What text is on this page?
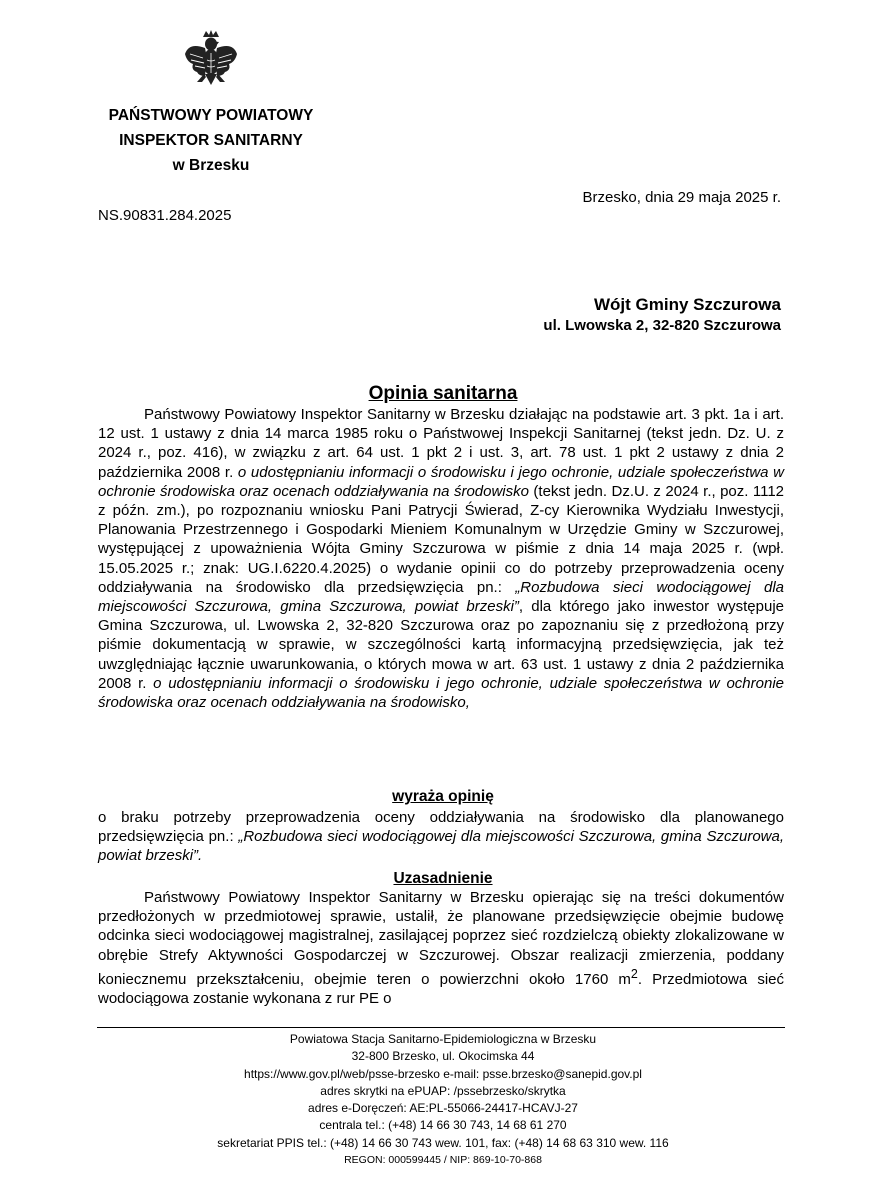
PAŃSTWOWY POWIATOWY
INSPEKTOR SANITARNY
w Brzesku
Brzesko, dnia 29 maja 2025 r.
NS.90831.284.2025
Wójt Gminy Szczurowa
ul. Lwowska 2, 32-820 Szczurowa
Opinia sanitarna

Państwowy Powiatowy Inspektor Sanitarny w Brzesku działając na podstawie art. 3 pkt. 1a i art. 12 ust. 1 ustawy z dnia 14 marca 1985 roku o Państwowej Inspekcji Sanitarnej (tekst jedn. Dz. U. z 2024 r., poz. 416), w związku z art. 64 ust. 1 pkt 2 i ust. 3, art. 78 ust. 1 pkt 2 ustawy z dnia 2 października 2008 r. o udostępnianiu informacji o środowisku i jego ochronie, udziale społeczeństwa w ochronie środowiska oraz ocenach oddziaływania na środowisko (tekst jedn. Dz.U. z 2024 r., poz. 1112 z późn. zm.), po rozpoznaniu wniosku Pani Patrycji Świerad, Z-cy Kierownika Wydziału Inwestycji, Planowania Przestrzennego i Gospodarki Mieniem Komunalnym w Urzędzie Gminy w Szczurowej, występującej z upoważnienia Wójta Gminy Szczurowa w piśmie z dnia 14 maja 2025 r. (wpł. 15.05.2025 r.; znak: UG.I.6220.4.2025) o wydanie opinii co do potrzeby przeprowadzenia oceny oddziaływania na środowisko dla przedsięwzięcia pn.: „Rozbudowa sieci wodociągowej dla miejscowości Szczurowa, gmina Szczurowa, powiat brzeski”, dla którego jako inwestor występuje Gmina Szczurowa, ul. Lwowska 2, 32-820 Szczurowa oraz po zapoznaniu się z przedłożoną przy piśmie dokumentacją w sprawie, w szczególności kartą informacyjną przedsięwzięcia, jak też uwzględniając łącznie uwarunkowania, o których mowa w art. 63 ust. 1 ustawy z dnia 2 października 2008 r. o udostępnianiu informacji o środowisku i jego ochronie, udziale społeczeństwa w ochronie środowiska oraz ocenach oddziaływania na środowisko,

wyraża opinię

o braku potrzeby przeprowadzenia oceny oddziaływania na środowisko dla planowanego przedsięwzięcia pn.: „Rozbudowa sieci wodociągowej dla miejscowości Szczurowa, gmina Szczurowa, powiat brzeski”.

Uzasadnienie

Państwowy Powiatowy Inspektor Sanitarny w Brzesku opierając się na treści dokumentów przedłożonych w przedmiotowej sprawie, ustalił, że planowane przedsięwzięcie obejmie budowę odcinka sieci wodociągowej magistralnej, zasilającej poprzez sieć rozdzielczą obiekty zlokalizowane w obrębie Strefy Aktywności Gospodarczej w Szczurowej. Obszar realizacji zmierzenia, poddany koniecznemu przekształceniu, obejmie teren o powierzchni około 1760 $m^2$. Przedmiotowa sieć wodociągowa zostanie wykonana z rur PE o

Powiatowa Stacja Sanitarno-Epidemiologiczna w Brzesku
32-800 Brzesko, ul. Okocimska 44
https://www.gov.pl/web/psse-brzesko e-mail: psse.brzesko@sanepid.gov.pl
adres skrytki na ePUAP: /pssebrzesko/skrytka
adres e-Doręczeń: AE:PL-55066-24417-HCAVJ-27
centrala tel.: (+48) 14 66 30 743, 14 68 61 270
sekretariat PPIS tel.: (+48) 14 66 30 743 wew. 101, fax: (+48) 14 68 63 310 wew. 116
REGON: 000599445 / NIP: 869-10-70-868
